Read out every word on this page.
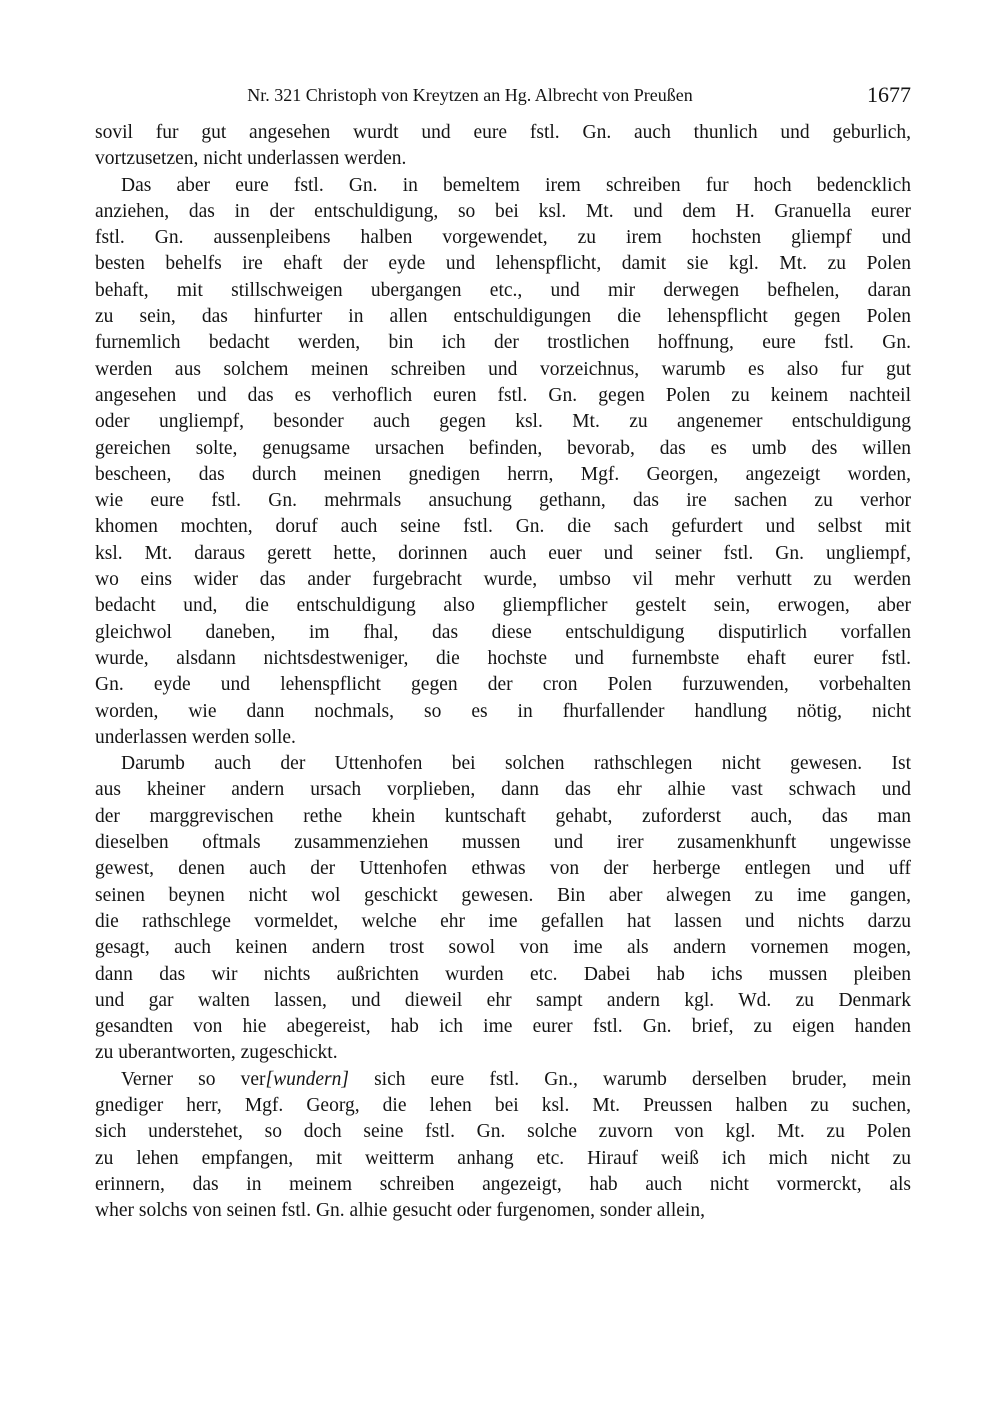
Nr. 321 Christoph von Kreytzen an Hg. Albrecht von Preußen	1677
sovil fur gut angesehen wurdt und eure fstl. Gn. auch thunlich und geburlich,
vortzusetzen, nicht underlassen werden.
Das aber eure fstl. Gn. in bemeltem irem schreiben fur hoch bedencklich
anziehen, das in der entschuldigung, so bei ksl. Mt. und dem H. Granuella eurer
fstl. Gn. aussenpleibens halben vorgewendet, zu irem hochsten gliempf und
besten behelfs ire ehaft der eyde und lehenspflicht, damit sie kgl. Mt. zu Polen
behaft, mit stillschweigen ubergangen etc., und mir derwegen befhelen, daran
zu sein, das hinfurter in allen entschuldigungen die lehenspflicht gegen Polen
furnemlich bedacht werden, bin ich der trostlichen hoffnung, eure fstl. Gn.
werden aus solchem meinen schreiben und vorzeichnus, warumb es also fur gut
angesehen und das es verhoflich euren fstl. Gn. gegen Polen zu keinem nachteil
oder ungliempf, besonder auch gegen ksl. Mt. zu angenemer entschuldigung
gereichen solte, genugsame ursachen befinden, bevorab, das es umb des willen
bescheen, das durch meinen gnedigen herrn, Mgf. Georgen, angezeigt worden,
wie eure fstl. Gn. mehrmals ansuchung gethann, das ire sachen zu verhor
khomen mochten, doruf auch seine fstl. Gn. die sach gefurdert und selbst mit
ksl. Mt. daraus gerett hette, dorinnen auch euer und seiner fstl. Gn. ungliempf,
wo eins wider das ander furgebracht wurde, umbso vil mehr verhutt zu werden
bedacht und, die entschuldigung also gliempflicher gestelt sein, erwogen, aber
gleichwol daneben, im fhal, das diese entschuldigung disputirlich vorfallen
wurde, alsdann nichtsdestweniger, die hochste und furnembste ehaft eurer fstl.
Gn. eyde und lehenspflicht gegen der cron Polen furzuwenden, vorbehalten
worden, wie dann nochmals, so es in fhurfallender handlung nötig, nicht
underlassen werden solle.
Darumb auch der Uttenhofen bei solchen rathschlegen nicht gewesen. Ist
aus kheiner andern ursach vorplieben, dann das ehr alhie vast schwach und
der marggrevischen rethe khein kuntschaft gehabt, zuforderst auch, das man
dieselben oftmals zusammenziehen mussen und irer zusamenkhunft ungewisse
gewest, denen auch der Uttenhofen ethwas von der herberge entlegen und uff
seinen beynen nicht wol geschickt gewesen. Bin aber alwegen zu ime gangen,
die rathschlege vormeldet, welche ehr ime gefallen hat lassen und nichts darzu
gesagt, auch keinen andern trost sowol von ime als andern vornemen mogen,
dann das wir nichts außrichten wurden etc. Dabei hab ichs mussen pleiben
und gar walten lassen, und dieweil ehr sampt andern kgl. Wd. zu Denmark
gesandten von hie abegereist, hab ich ime eurer fstl. Gn. brief, zu eigen handen
zu uberantworten, zugeschickt.
Verner so ver[wundern] sich eure fstl. Gn., warumb derselben bruder, mein
gnediger herr, Mgf. Georg, die lehen bei ksl. Mt. Preussen halben zu suchen,
sich understehet, so doch seine fstl. Gn. solche zuvorn von kgl. Mt. zu Polen
zu lehen empfangen, mit weitterm anhang etc. Hirauf weiß ich mich nicht zu
erinnern, das in meinem schreiben angezeigt, hab auch nicht vormerckt, als
wher solchs von seinen fstl. Gn. alhie gesucht oder furgenomen, sonder allein,
